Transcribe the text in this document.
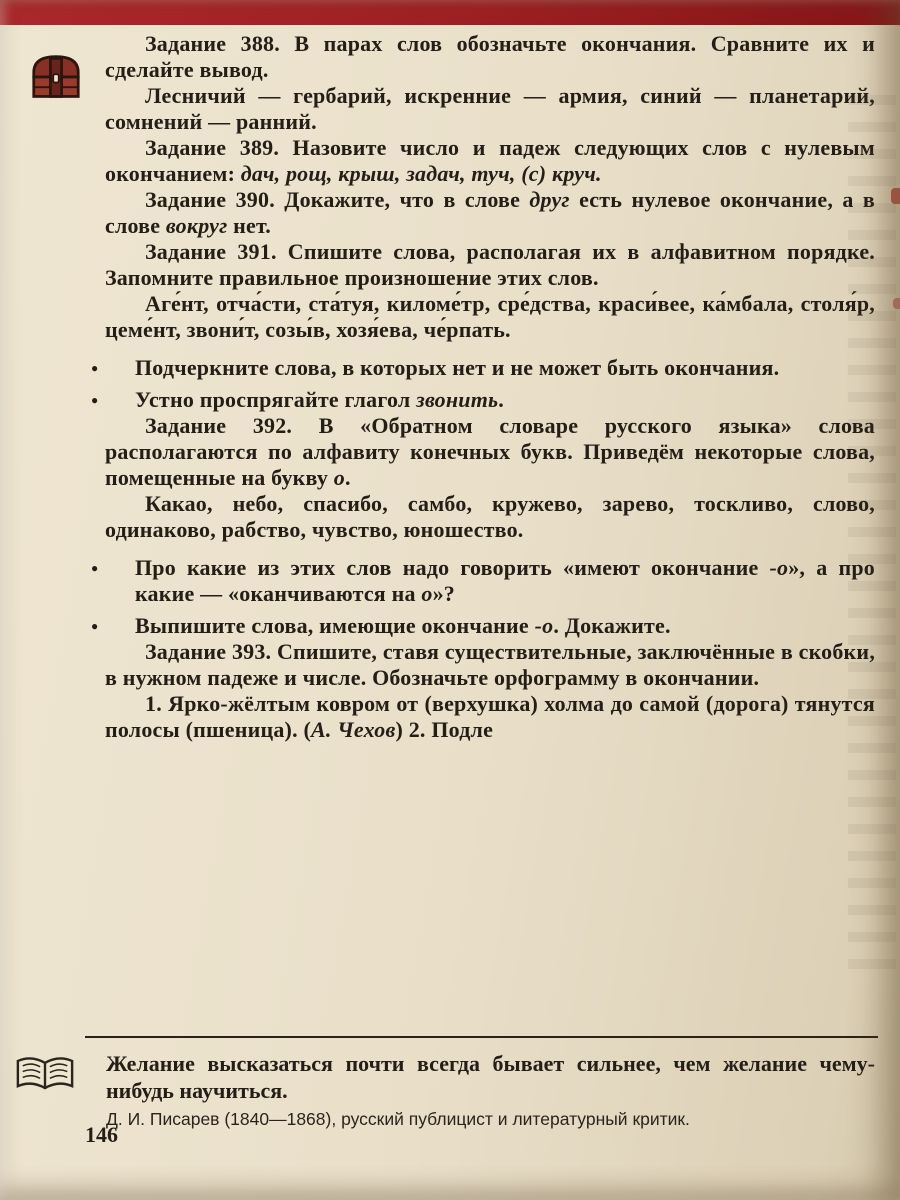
Задание 388. В парах слов обозначьте окончания. Сравните их и сделайте вывод.

Лесничий — гербарий, искренние — армия, синий — планетарий, сомнений — ранний.

Задание 389. Назовите число и падеж следующих слов с нулевым окончанием: дач, рощ, крыш, задач, туч, (с) круч.

Задание 390. Докажите, что в слове друг есть нулевое окончание, а в слове вокруг нет.

Задание 391. Спишите слова, располагая их в алфавитном порядке. Запомните правильное произношение этих слов.

Аге́нт, отча́сти, ста́туя, киломе́тр, сре́дства, краси́вее, ка́мбала, столя́р, цеме́нт, звони́т, созы́в, хозя́ева, че́рпать.

●	Подчеркните слова, в которых нет и не может быть окончания.

●	Устно проспрягайте глагол звонить.

Задание 392. В «Обратном словаре русского языка» слова располагаются по алфавиту конечных букв. Приведём некоторые слова, помещенные на букву о.

Какао, небо, спасибо, самбо, кружево, зарево, тоскливо, слово, одинаково, рабство, чувство, юношество.

●	Про какие из этих слов надо говорить «имеют окончание -о», а про какие — «оканчиваются на о»?

●	Выпишите слова, имеющие окончание -о. Докажите.

Задание 393. Спишите, ставя существительные, заключённые в скобки, в нужном падеже и числе. Обозначьте орфограмму в окончании.

1. Ярко-жёлтым ковром от (верхушка) холма до самой (дорога) тянутся полосы (пшеница). (А. Чехов) 2. Подле

Желание высказаться почти всегда бывает сильнее, чем желание чему-нибудь научиться.

Д. И. Писарев (1840—1868), русский публицист и литературный критик.

146
